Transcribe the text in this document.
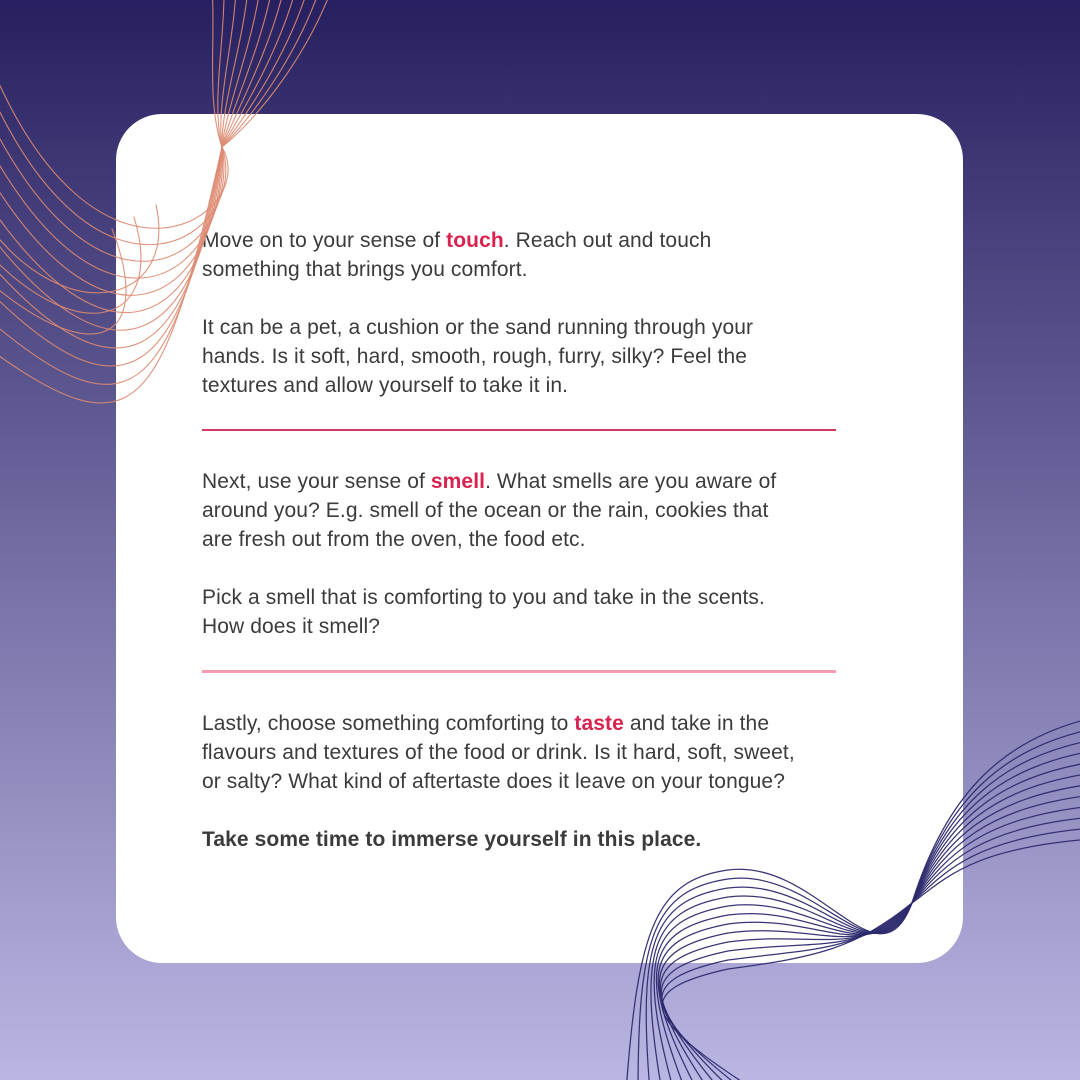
Move on to your sense of touch. Reach out and touch
something that brings you comfort.

It can be a pet, a cushion or the sand running through your
hands. Is it soft, hard, smooth, rough, furry, silky? Feel the
textures and allow yourself to take it in.

Next, use your sense of smell. What smells are you aware of
around you? E.g. smell of the ocean or the rain, cookies that
are fresh out from the oven, the food etc.

Pick a smell that is comforting to you and take in the scents.
How does it smell?

Lastly, choose something comforting to taste and take in the
flavours and textures of the food or drink. Is it hard, soft, sweet,
or salty? What kind of aftertaste does it leave on your tongue?

Take some time to immerse yourself in this place.
